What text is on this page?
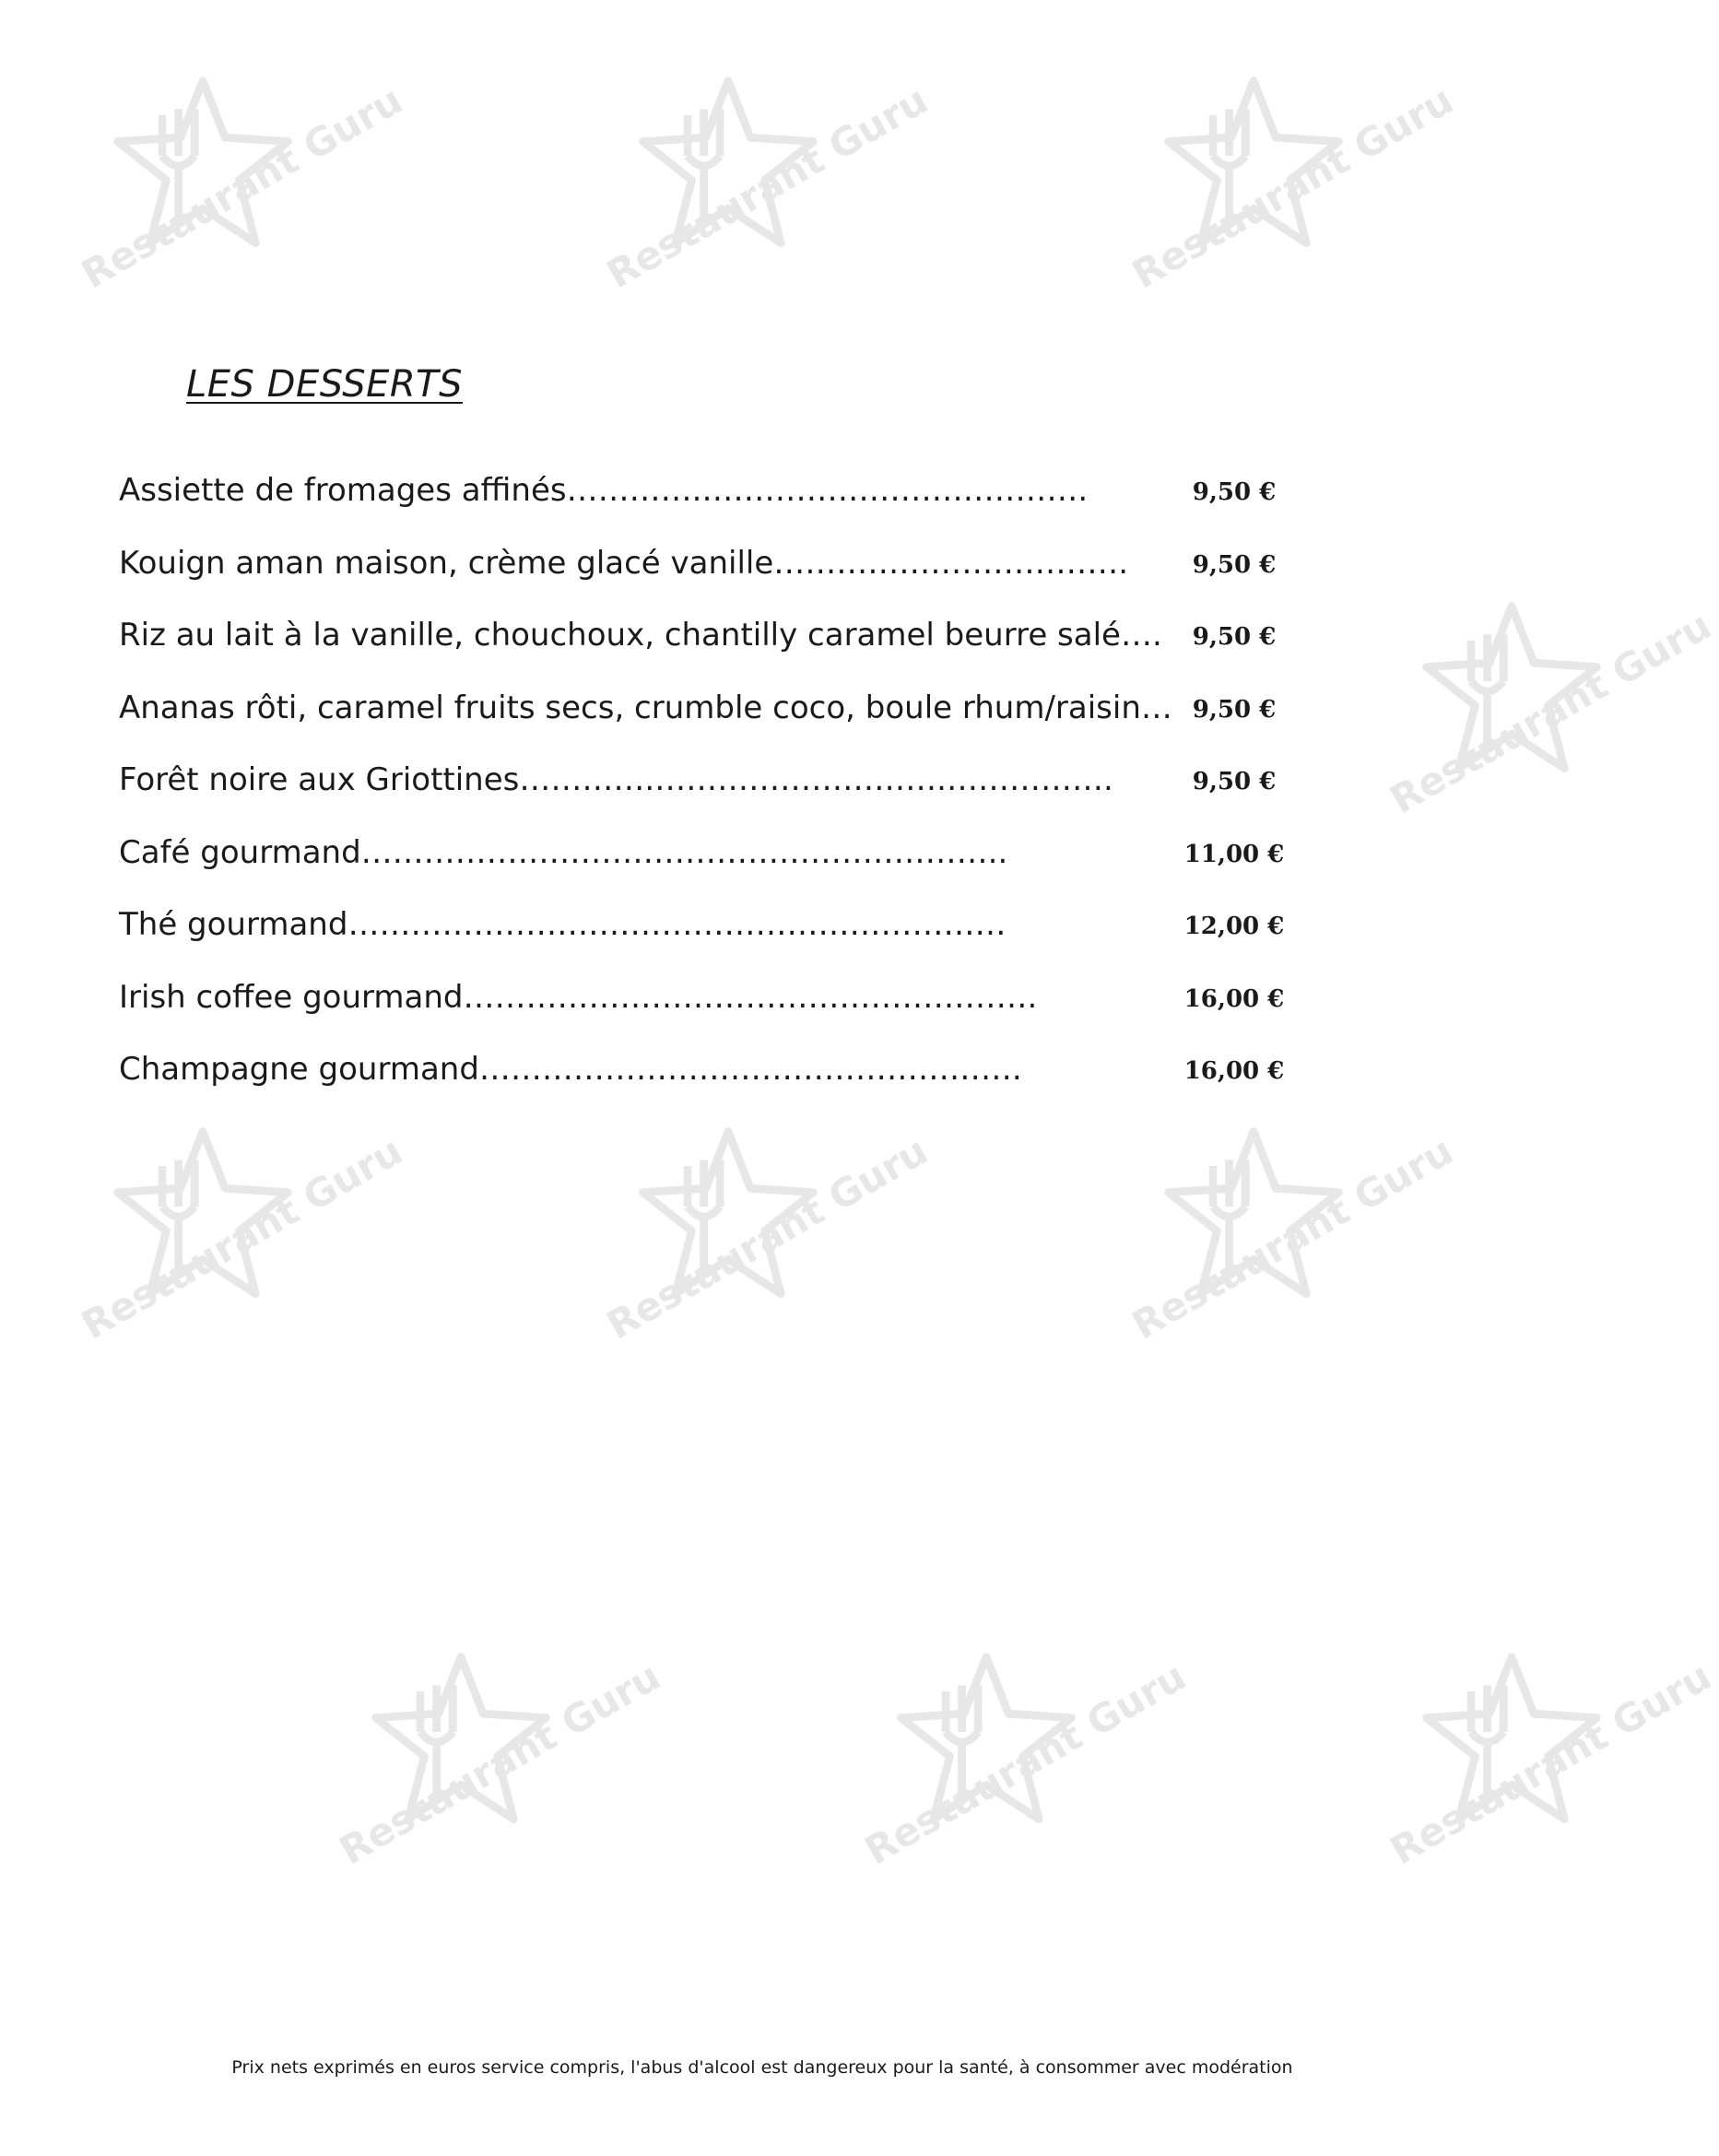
Restaurant Guru	Restaurant Guru	Restaurant Guru
Restaurant Guru
Restaurant Guru	Restaurant Guru	Restaurant Guru
Restaurant Guru	Restaurant Guru	Restaurant Guru
LES DESSERTS
Assiette de fromages affinés………….……………………………….	9,50 €
Kouign aman maison, crème glacé vanille…………………………….	9,50 €
Riz au lait à la vanille, chouchoux, chantilly caramel beurre salé….	9,50 €
Ananas rôti, caramel fruits secs, crumble coco, boule rhum/raisin… 9,50 €
Forêt noire aux Griottines………….……………………….…………….	9,50 €
Café gourmand……………………………………………………..	11,00 €
Thé gourmand………………………………………………………	12,00 €
Irish coffee gourmand……………………………………………….	16,00 €
Champagne gourmand…………………………………………….	16,00 €

Prix nets exprimés en euros service compris, l'abus d'alcool est dangereux pour la santé, à consommer avec modération
